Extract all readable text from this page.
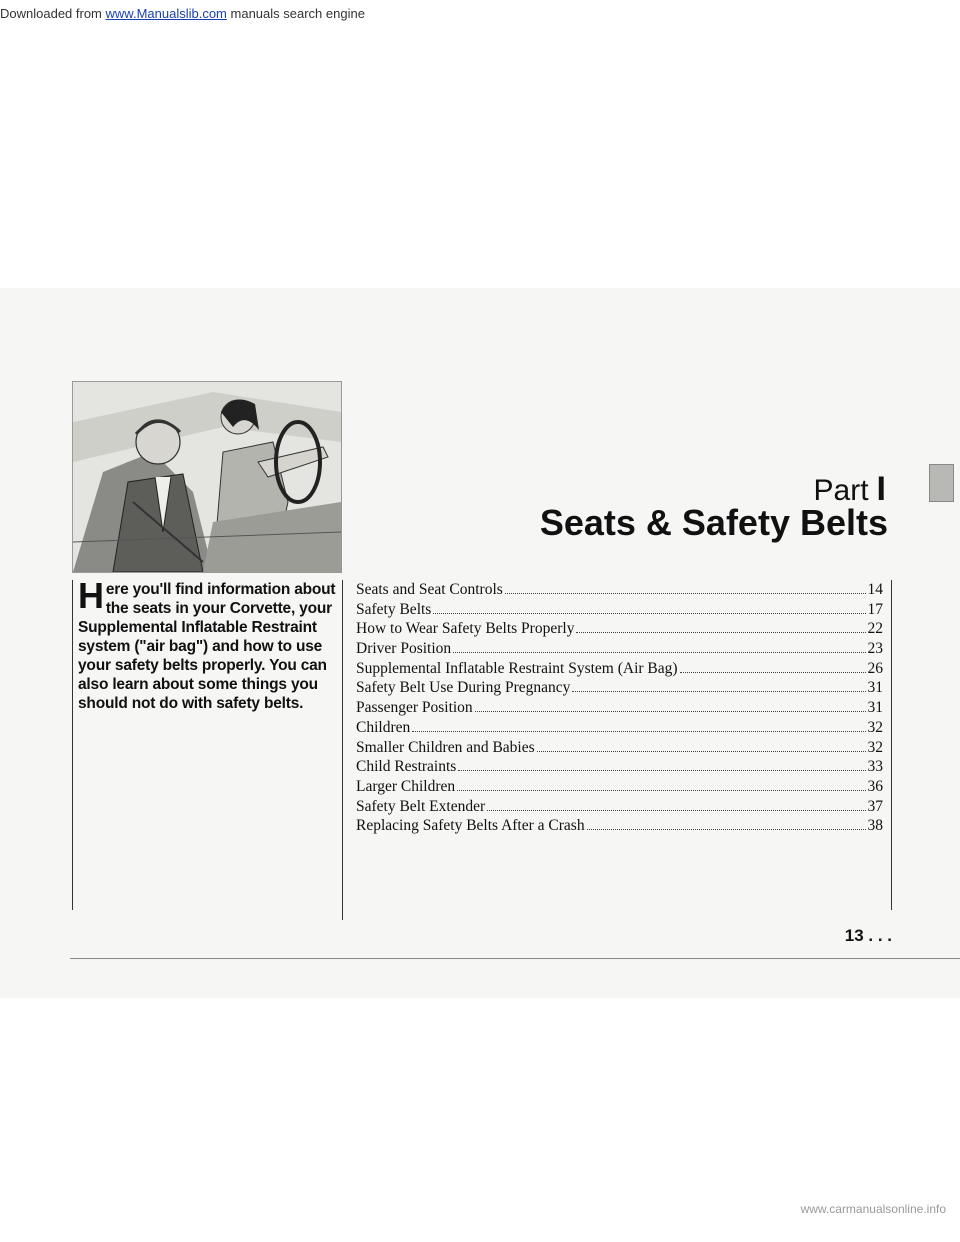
Downloaded from www.Manualslib.com manuals search engine
Part I
Seats & Safety Belts
Here you'll find information about the seats in your Corvette, your Supplemental Inflatable Restraint system ("air bag") and how to use your safety belts properly. You can also learn about some things you should not do with safety belts.
Seats and Seat Controls	14
Safety Belts	17
How to Wear Safety Belts Properly	22
Driver Position	23
Supplemental Inflatable Restraint System (Air Bag)	26
Safety Belt Use During Pregnancy	31
Passenger Position	31
Children	32
Smaller Children and Babies	32
Child Restraints	33
Larger Children	36
Safety Belt Extender	37
Replacing Safety Belts After a Crash	38
13 . . .
www.carmanualsonline.info
